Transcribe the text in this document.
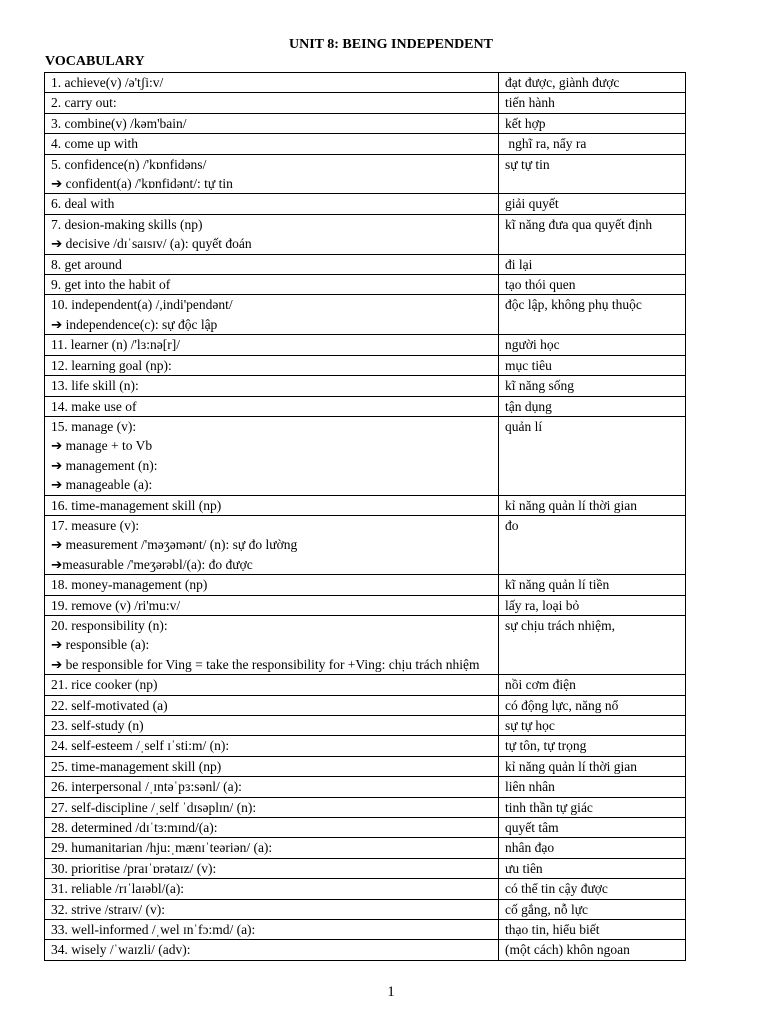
UNIT 8: BEING INDEPENDENT
VOCABULARY
1. achieve(v) /ə'tʃi:v/	đạt được, giành được

2. carry out:	tiến hành

3. combine(v) /kəm'bain/	kết hợp

4. come up with	nghĩ ra, nẩy ra

5. confidence(n) /'kɒnfidəns/
➔ confident(a) /'kɒnfidənt/: tự tin	sự tự tin

6. deal with	giải quyết

7. desion-making skills (np)
➔ decisive /dɪˈsaɪsɪv/ (a): quyết đoán	kĩ năng đưa qua quyết định

8. get around	đi lại

9. get into the habit of	tạo thói quen

10. independent(a) /,indi'pendənt/
➔ independence(c): sự độc lập	độc lập, không phụ thuộc

11. learner (n) /'lɜ:nə[r]/	người học

12. learning goal (np):	mục tiêu

13. life skill (n):	kĩ năng sống

14. make use of	tận dụng

15. manage (v):
➔ manage + to Vb
➔ management (n):
➔ manageable (a):	quản lí

16. time-management skill (np)	kỉ năng quản lí thời gian

17. measure (v):
➔ measurement /'məʒəmənt/ (n): sự đo lường
➔measurable /'meʒərəbl/(a): đo được	đo

18. money-management (np)	kĩ năng quản lí tiền

19. remove (v) /ri'mu:v/	lấy ra, loại bỏ

20. responsibility (n):
➔ responsible (a):
➔ be responsible for Ving = take the responsibility for +Ving: chịu trách nhiệm	sự chịu trách nhiệm,

21. rice cooker (np)	nồi cơm điện

22. self-motivated (a)	có động lực, năng nổ

23. self-study (n)	sự tự học

24. self-esteem /ˌself ɪˈsti:m/ (n):	tự tôn, tự trọng

25. time-management skill (np)	kỉ năng quản lí thời gian

26. interpersonal /ˌɪntəˈpɜ:sənl/ (a):	liên nhân

27. self-discipline /ˌself ˈdɪsəplɪn/ (n):	tinh thần tự giác

28. determined /dɪˈtɜ:mɪnd/(a):	quyết tâm

29. humanitarian /hju:ˌmænɪˈteəriən/ (a):	nhân đạo

30. prioritise /praɪˈɒrətaɪz/ (v):	ưu tiên

31. reliable /rɪˈlaɪəbl/(a):	có thể tin cậy được

32. strive /straɪv/ (v):	cố gắng, nỗ lực

33. well-informed /ˌwel ɪnˈfɔ:md/ (a):	thạo tin, hiểu biết

34. wisely /ˈwaɪzli/ (adv):	(một cách) khôn ngoan
1
